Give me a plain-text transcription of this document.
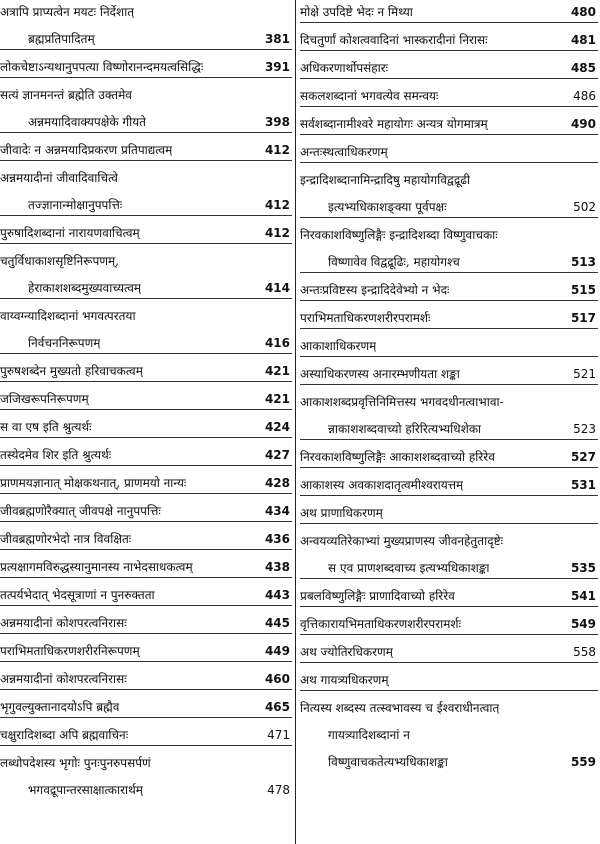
अत्रापि प्राप्यत्वेन मयटः निर्देशात्
ब्रह्मप्रतिपादितम्	381
लोकचेष्टाऽन्यथानुपपत्या विष्णोरानन्दमयत्वसिद्धिः	391
सत्यं ज्ञानमनन्तं ब्रह्मेति उक्तमेव
अन्नमयादिवाक्यपक्षेके गीयते	398
जीवादेः न अन्नमयादिप्रकरण प्रतिपाद्यत्वम्	412
अन्नमयादीनां जीवादिवाचित्वे
तज्ज्ञानान्मोक्षानुपपत्तिः	412
पुरुषादिशब्दानां नारायणवाचित्वम्	412
चतुर्विधाकाशसृष्टिनिरूपणम्,
हेराकाशशब्दमुख्यवाच्यत्वम्	414
वाय्वग्न्यादिशब्दानां भगवत्परतया
निर्वचननिरूपणम्	416
पुरुषशब्देन मुख्यतो हरिवाचकत्वम्	421
जजिखरूपनिरूपणम्	421
स वा एष इति श्रुत्यर्थः	424
तस्येदमेव शिर इति श्रुत्यर्थः	427
प्राणमयज्ञानात् मोक्षकथनात्, प्राणमयो नान्यः	428
जीवब्रह्मणोरैक्यात् जीवपक्षे नानुपपत्तिः	434
जीवब्रह्मणोरभेदो नात्र विवक्षितः	436
प्रत्यक्षागमविरुद्धस्यानुमानस्य नाभेदसाधकत्वम्	438
तत्पर्यभेदात् भेदसूत्राणां न पुनरुक्तता	443
अन्नमयादीनां कोशपरत्वनिरासः	445
पराभिमताधिकरणशरीरनिरूपणम्	449
अन्नमयादीनां कोशपरत्वनिरासः	460
भृगुवल्युक्तानादयोऽपि ब्रह्मैव	465
चक्षुरादिशब्दा अपि ब्रह्मवाचिनः	471
लब्धोपदेशस्य भृगोः पुनःपुनरुपसर्पणं
भगवद्रूपान्तरसाक्षात्कारार्थम्	478
मोक्षे उपदिष्टे भेदः न मिथ्या	480
दिचतुर्णां कोशत्ववादिनां भास्करादीनां निरासः	481
अधिकरणार्थोपसंहारः	485
सकलशब्दानां भगवत्येव समन्वयः	486
सर्वशब्दानामीश्वरे महायोगः अन्यत्र योगमात्रम्	490
अन्तःस्थत्वाधिकरणम्
इन्द्रादिशब्दानामिन्द्रादिषु महायोगविद्वद्रूढी
इत्यभ्यधिकाशङ्क्या पूर्वपक्षः	502
निरवकाशविष्णुलिङ्गैः इन्द्रादिशब्दा विष्णुवाचकाः
विष्णावेव विद्वद्रूढिः, महायोगश्च	513
अन्तःप्रविष्टस्य इन्द्रादिदेवेभ्यो न भेदः	515
पराभिमताधिकरणशरीरपरामर्शः	517
आकाशाधिकरणम्
अस्याधिकरणस्य अनारम्भणीयता शङ्का	521
आकाशशब्दप्रवृत्तिनिमित्तस्य भगवदधीनत्वाभावा-
न्नाकाशशब्दवाच्यो हरिरित्यभ्यधिशेका	523
निरवकाशविष्णुलिङ्गैः आकाशशब्दवाच्यो हरिरेव	527
आकाशस्य अवकाशदातृत्वमीश्वरायत्तम्	531
अथ प्राणाधिकरणम्
अन्वयव्यतिरेकाभ्यां मुख्यप्राणस्य जीवनहेतुतादृष्टेः
स एव प्राणशब्दवाच्य इत्यभ्यधिकाशङ्का	535
प्रबलविष्णुलिङ्गैः प्राणादिवाच्यो हरिरेव	541
वृत्तिकारायभिमताधिकरणशरीरपरामर्शः	549
अथ ज्योतिरधिकरणम्	558
अथ गायत्र्यधिकरणम्
नित्यस्य शब्दस्य तत्स्वभावस्य च ईश्वराधीनत्वात्
गायत्र्यादिशब्दानां न
विष्णुवाचकतेत्यभ्यधिकाशङ्का	559
